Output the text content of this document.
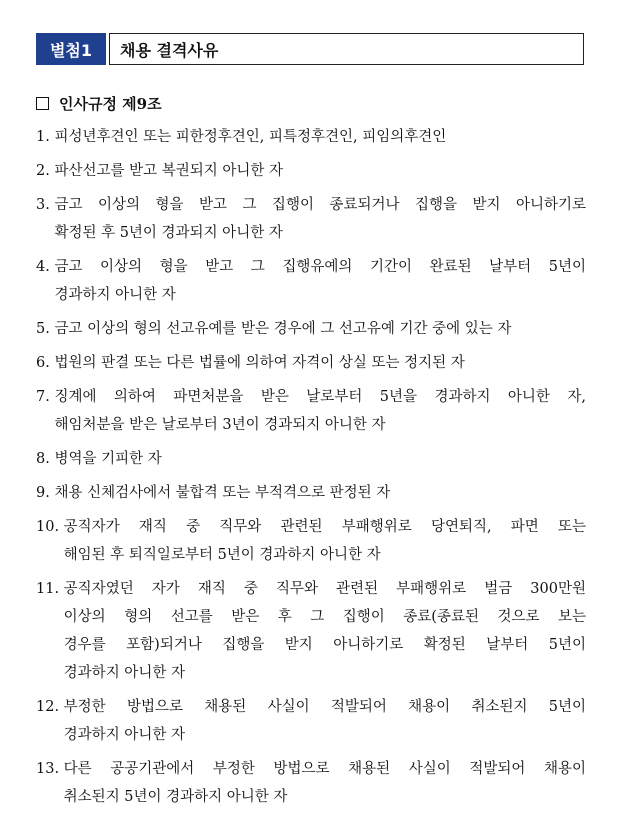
별첨1	채용 결격사유
인사규정 제9조
1. 피성년후견인 또는 피한정후견인, 피특정후견인, 피임의후견인
2. 파산선고를 받고 복권되지 아니한 자
3. 금고 이상의 형을 받고 그 집행이 종료되거나 집행을 받지 아니하기로
확정된 후 5년이 경과되지 아니한 자
4. 금고 이상의 형을 받고 그 집행유예의 기간이 완료된 날부터 5년이
경과하지 아니한 자
5. 금고 이상의 형의 선고유예를 받은 경우에 그 선고유예 기간 중에 있는 자
6. 법원의 판결 또는 다른 법률에 의하여 자격이 상실 또는 정지된 자
7. 징계에 의하여 파면처분을 받은 날로부터 5년을 경과하지 아니한 자,
해임처분을 받은 날로부터 3년이 경과되지 아니한 자
8. 병역을 기피한 자
9. 채용 신체검사에서 불합격 또는 부적격으로 판정된 자
10. 공직자가 재직 중 직무와 관련된 부패행위로 당연퇴직, 파면 또는
해임된 후 퇴직일로부터 5년이 경과하지 아니한 자
11. 공직자였던 자가 재직 중 직무와 관련된 부패행위로 벌금 300만원
이상의 형의 선고를 받은 후 그 집행이 종료(종료된 것으로 보는
경우를 포함)되거나 집행을 받지 아니하기로 확정된 날부터 5년이
경과하지 아니한 자
12. 부정한 방법으로 채용된 사실이 적발되어 채용이 취소된지 5년이
경과하지 아니한 자
13. 다른 공공기관에서 부정한 방법으로 채용된 사실이 적발되어 채용이
취소된지 5년이 경과하지 아니한 자
